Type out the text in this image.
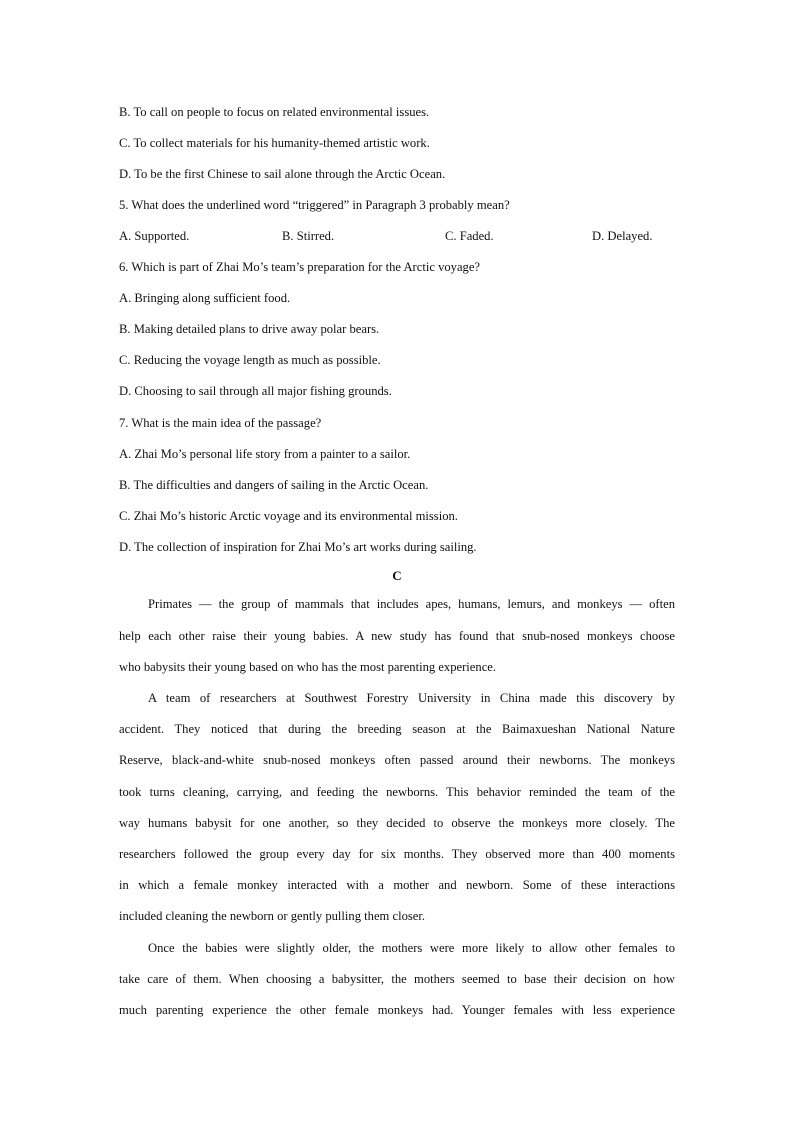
B. To call on people to focus on related environmental issues.
C. To collect materials for his humanity-themed artistic work.
D. To be the first Chinese to sail alone through the Arctic Ocean.
5. What does the underlined word “triggered” in Paragraph 3 probably mean?
A. Supported.	B. Stirred.	C. Faded.	D. Delayed.
6. Which is part of Zhai Mo’s team’s preparation for the Arctic voyage?
A. Bringing along sufficient food.
B. Making detailed plans to drive away polar bears.
C. Reducing the voyage length as much as possible.
D. Choosing to sail through all major fishing grounds.
7. What is the main idea of the passage?
A. Zhai Mo’s personal life story from a painter to a sailor.
B. The difficulties and dangers of sailing in the Arctic Ocean.
C. Zhai Mo’s historic Arctic voyage and its environmental mission.
D. The collection of inspiration for Zhai Mo’s art works during sailing.
C
Primates — the group of mammals that includes apes, humans, lemurs, and monkeys — often
help each other raise their young babies. A new study has found that snub-nosed monkeys choose
who babysits their young based on who has the most parenting experience.
A team of researchers at Southwest Forestry University in China made this discovery by
accident. They noticed that during the breeding season at the Baimaxueshan National Nature
Reserve, black-and-white snub-nosed monkeys often passed around their newborns. The monkeys
took turns cleaning, carrying, and feeding the newborns. This behavior reminded the team of the
way humans babysit for one another, so they decided to observe the monkeys more closely. The
researchers followed the group every day for six months. They observed more than 400 moments
in which a female monkey interacted with a mother and newborn. Some of these interactions
included cleaning the newborn or gently pulling them closer.
Once the babies were slightly older, the mothers were more likely to allow other females to
take care of them. When choosing a babysitter, the mothers seemed to base their decision on how
much parenting experience the other female monkeys had. Younger females with less experience
